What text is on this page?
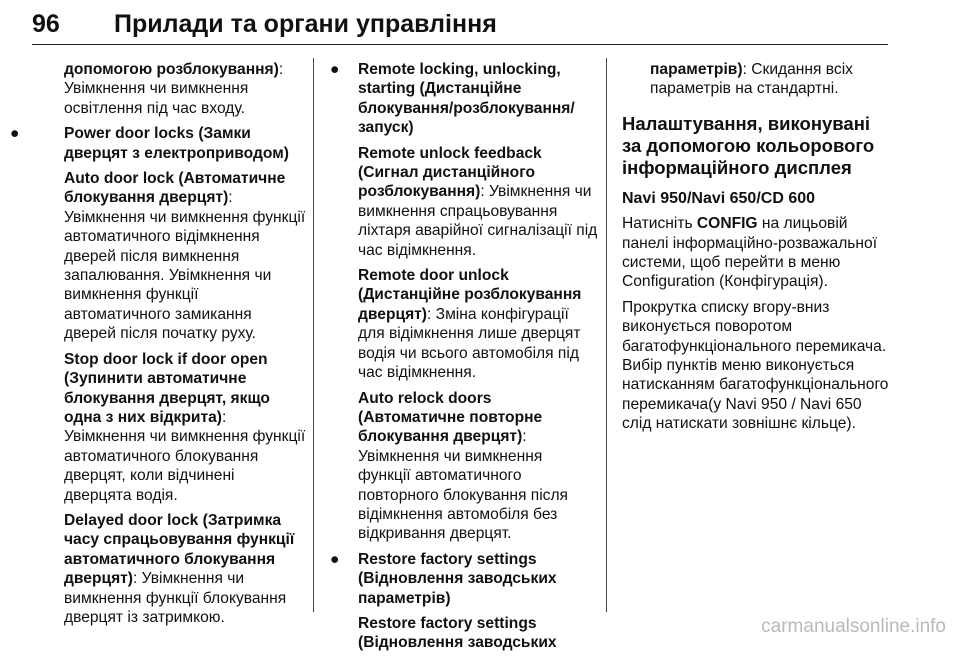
96 Прилади та органи управління
допомогою розблокування): Увімкнення чи вимкнення освітлення під час входу.
●	Power door locks (Замки дверцят з електроприводом)
Auto door lock (Автоматичне блокування дверцят): Увімкнення чи вимкнення функції автоматичного відімкнення дверей після вимкнення запалювання. Увімкнення чи вимкнення функції автоматичного замикання дверей після початку руху.
Stop door lock if door open (Зупинити автоматичне блокування дверцят, якщо одна з них відкрита): Увімкнення чи вимкнення функції автоматичного блокування дверцят, коли відчинені дверцята водія.
Delayed door lock (Затримка часу спрацьовування функції автоматичного блокування дверцят): Увімкнення чи вимкнення функції блокування дверцят із затримкою.
● Remote locking, unlocking, starting (Дистанційне блокування/розблокування/запуск)
Remote unlock feedback (Сигнал дистанційного розблокування): Увімкнення чи вимкнення спрацьовування ліхтаря аварійної сигналізації під час відімкнення.
Remote door unlock (Дистанційне розблокування дверцят): Зміна конфігурації для відімкнення лише дверцят водія чи всього автомобіля під час відімкнення.
Auto relock doors (Автоматичне повторне блокування дверцят): Увімкнення чи вимкнення функції автоматичного повторного блокування після відімкнення автомобіля без відкривання дверцят.
● Restore factory settings (Відновлення заводських параметрів)
Restore factory settings (Відновлення заводських
параметрів): Скидання всіх параметрів на стандартні.
Налаштування, виконувані за допомогою кольорового інформаційного дисплея
Navi 950/Navi 650/CD 600
Натисніть CONFIG на лицьовій панелі інформаційно-розважальної системи, щоб перейти в меню Configuration (Конфігурація).
Прокрутка списку вгору-вниз виконується поворотом багатофункціонального перемикача. Вибір пунктів меню виконується натисканням багатофункціонального перемикача(у Navi 950 / Navi 650 слід натискати зовнішнє кільце).
carmanualsonline.info
